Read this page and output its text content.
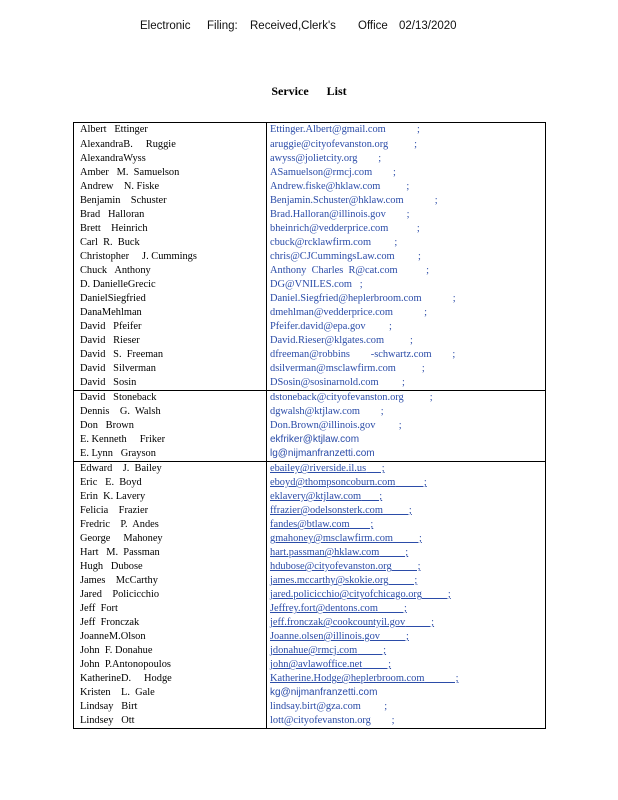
Electronic Filing: Received,Clerk's Office 02/13/2020
Service      List
Albert   Ettinger	Ettinger.Albert@gmail.com            ;
AlexandraB.     Ruggie	aruggie@cityofevanston.org          ;
AlexandraWyss	awyss@jolietcity.org        ;
Amber   M.  Samuelson	ASamuelson@rmcj.com        ;
Andrew    N. Fiske	Andrew.fiske@hklaw.com          ;
Benjamin    Schuster	Benjamin.Schuster@hklaw.com            ;
Brad   Halloran	Brad.Halloran@illinois.gov        ;
Brett    Heinrich	bheinrich@vedderprice.com           ;
Carl  R.  Buck	cbuck@rcklawfirm.com         ;
Christopher     J. Cummings	chris@CJCummingsLaw.com         ;
Chuck   Anthony	Anthony  Charles  R@cat.com           ;
D. DanielleGrecic	DG@VNILES.com   ;
DanielSiegfried	Daniel.Siegfried@heplerbroom.com            ;
DanaMehlman	dmehlman@vedderprice.com            ;
David   Pfeifer	Pfeifer.david@epa.gov         ;
David   Rieser	David.Rieser@klgates.com          ;
David   S.  Freeman	dfreeman@robbins        -schwartz.com        ;
David   Silverman	dsilverman@msclawfirm.com          ;
David   Sosin	DSosin@sosinarnold.com         ;
David   Stoneback	dstoneback@cityofevanston.org          ;
Dennis    G.  Walsh	dgwalsh@ktjlaw.com        ;
Don   Brown	Don.Brown@illinois.gov         ;
E. Kenneth     Friker	ekfriker@ktjlaw.com
E. Lynn   Grayson	lg@nijmanfranzetti.com
Edward    J.  Bailey	ebailey@riverside.il.us      ;
Eric   E.  Boyd	eboyd@thompsoncoburn.com           ;
Erin  K. Lavery	eklavery@ktjlaw.com       ;
Felicia    Frazier	ffrazier@odelsonsterk.com          ;
Fredric    P.  Andes	fandes@btlaw.com        ;
George     Mahoney	gmahoney@msclawfirm.com          ;
Hart   M.  Passman	hart.passman@hklaw.com          ;
Hugh   Dubose	hdubose@cityofevanston.org          ;
James    McCarthy	james.mccarthy@skokie.org          ;
Jared    Policicchio	jared.policicchio@cityofchicago.org          ;
Jeff  Fort	Jeffrey.fort@dentons.com          ;
Jeff  Fronczak	jeff.fronczak@cookcountyil.gov          ;
JoanneM.Olson	Joanne.olsen@illinois.gov          ;
John  F. Donahue	jdonahue@rmcj.com          ;
John  P.Antonopoulos	john@avlawoffice.net          ;
KatherineD.     Hodge	Katherine.Hodge@heplerbroom.com            ;
Kristen    L.  Gale	kg@nijmanfranzetti.com
Lindsay   Birt	lindsay.birt@gza.com         ;
Lindsey   Ott	lott@cityofevanston.org        ;
